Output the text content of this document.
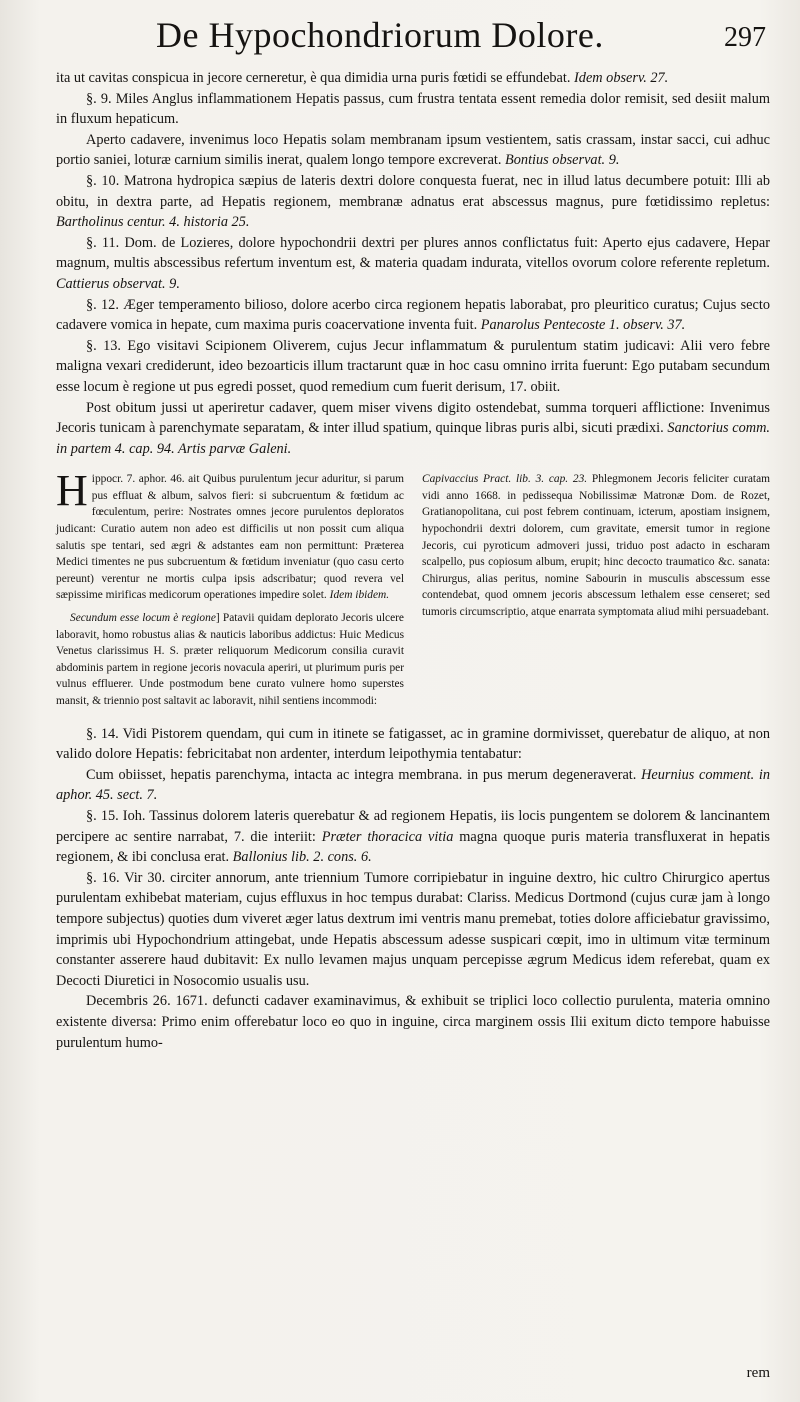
De Hypochondriorum Dolore.	297

ita ut cavitas conspicua in jecore cerneretur, è qua dimidia urna puris fœtidi se effundebat. Idem observ. 27.

§. 9. Miles Anglus inflammationem Hepatis passus, cum frustra tentata essent remedia dolor remisit, sed desiit malum in fluxum hepaticum.

Aperto cadavere, invenimus loco Hepatis solam membranam ipsum vestientem, satis crassam, instar sacci, cui adhuc portio saniei, loturæ carnium similis inerat, qualem longo tempore excreverat. Bontius observat. 9.

§. 10. Matrona hydropica sæpius de lateris dextri dolore conquesta fuerat, nec in illud latus decumbere potuit: Illi ab obitu, in dextra parte, ad Hepatis regionem, membranæ adnatus erat abscessus magnus, pure fœtidissimo repletus: Bartholinus centur. 4. historia 25.

§. 11. Dom. de Lozieres, dolore hypochondrii dextri per plures annos conflictatus fuit: Aperto ejus cadavere, Hepar magnum, multis abscessibus refertum inventum est, & materia quadam indurata, vitellos ovorum colore referente repletum. Cattierus observat. 9.

§. 12. Æger temperamento bilioso, dolore acerbo circa regionem hepatis laborabat, pro pleuritico curatus; Cujus secto cadavere vomica in hepate, cum maxima puris coacervatione inventa fuit. Panarolus Pentecoste 1. observ. 37.

§. 13. Ego visitavi Scipionem Oliverem, cujus Jecur inflammatum & purulentum statim judicavi: Alii vero febre maligna vexari crediderunt, ideo bezoarticis illum tractarunt quæ in hoc casu omnino irrita fuerunt: Ego putabam secundum esse locum è regione ut pus egredi posset, quod remedium cum fuerit derisum, 17. obiit.

Post obitum jussi ut aperiretur cadaver, quem miser vivens digito ostendebat, summa torqueri afflictione: Invenimus Jecoris tunicam à parenchymate separatam, & inter illud spatium, quinque libras puris albi, sicuti prædixi. Sanctorius comm. in partem 4. cap. 94. Artis parvæ Galeni.

Hippocr. 7. aphor. 46. ait Quibus purulentum jecur aduritur, si parum pus effluat & album, salvos fieri: si subcruentum & fœtidum ac fœculentum, perire: Nostrates omnes jecore purulentos deploratos judicant: Curatio autem non adeo est difficilis ut non possit cum aliqua salutis spe tentari, sed ægri & adstantes eam non permittunt: Præterea Medici timentes ne pus subcruentum & fœtidum inveniatur (quo casu certo pereunt) verentur ne mortis culpa ipsis adscribatur; quod revera vel sæpissime mirificas medicorum operationes impedire solet. Idem ibidem.

Secundum esse locum è regione] Patavii quidam deplorato Jecoris ulcere laboravit, homo robustus alias & nauticis laboribus addictus: Huic Medicus Venetus clarissimus H. S. præter reliquorum Medicorum consilia curavit abdominis partem in regione jecoris novacula aperiri, ut plurimum puris per vulnus effluerer. Unde postmodum bene curato vulnere homo superstes mansit, & triennio post saltavit ac laboravit, nihil sentiens incommodi:

Capivaccius Pract. lib. 3. cap. 23. Phlegmonem Jecoris feliciter curatam vidi anno 1668. in pedissequa Nobilissimæ Matronæ Dom. de Rozet, Gratianopolitana, cui post febrem continuam, icterum, apostiam insignem, hypochondrii dextri dolorem, cum gravitate, emersit tumor in regione Jecoris, cui pyroticum admoveri jussi, triduo post adacto in escharam scalpello, pus copiosum album, erupit; hinc decocto traumatico &c. sanata: Chirurgus, alias peritus, nomine Sabourin in musculis abscessum esse contendebat, quod omnem jecoris abscessum lethalem esse censeret; sed tumoris circumscriptio, atque enarrata symptomata aliud mihi persuadebant.

§. 14. Vidi Pistorem quendam, qui cum in itinete se fatigasset, ac in gramine dormivisset, querebatur de aliquo, at non valido dolore Hepatis: febricitabat non ardenter, interdum leipothymia tentabatur:

Cum obiisset, hepatis parenchyma, intacta ac integra membrana. in pus merum degeneraverat. Heurnius comment. in aphor. 45. sect. 7.

§. 15. Ioh. Tassinus dolorem lateris querebatur & ad regionem Hepatis, iis locis pungentem se dolorem & lancinantem percipere ac sentire narrabat, 7. die interiit: Præter thoracica vitia magna quoque puris materia transfluxerat in hepatis regionem, & ibi conclusa erat. Ballonius lib. 2. cons. 6.

§. 16. Vir 30. circiter annorum, ante triennium Tumore corripiebatur in inguine dextro, hic cultro Chirurgico apertus purulentam exhibebat materiam, cujus effluxus in hoc tempus durabat: Clariss. Medicus Dortmond (cujus curæ jam à longo tempore subjectus) quoties dum viveret æger latus dextrum imi ventris manu premebat, toties dolore afficiebatur gravissimo, imprimis ubi Hypochondrium attingebat, unde Hepatis abscessum adesse suspicari cœpit, imo in ultimum vitæ terminum constanter asserere haud dubitavit: Ex nullo levamen majus unquam percepisse ægrum Medicus idem referebat, quam ex Decocti Diuretici in Nosocomio usualis usu.

Decembris 26. 1671. defuncti cadaver examinavimus, & exhibuit se triplici loco collectio purulenta, materia omnino existente diversa: Primo enim offerebatur loco eo quo in inguine, circa marginem ossis Ilii exitum dicto tempore habuisse purulentum humo-

rem
